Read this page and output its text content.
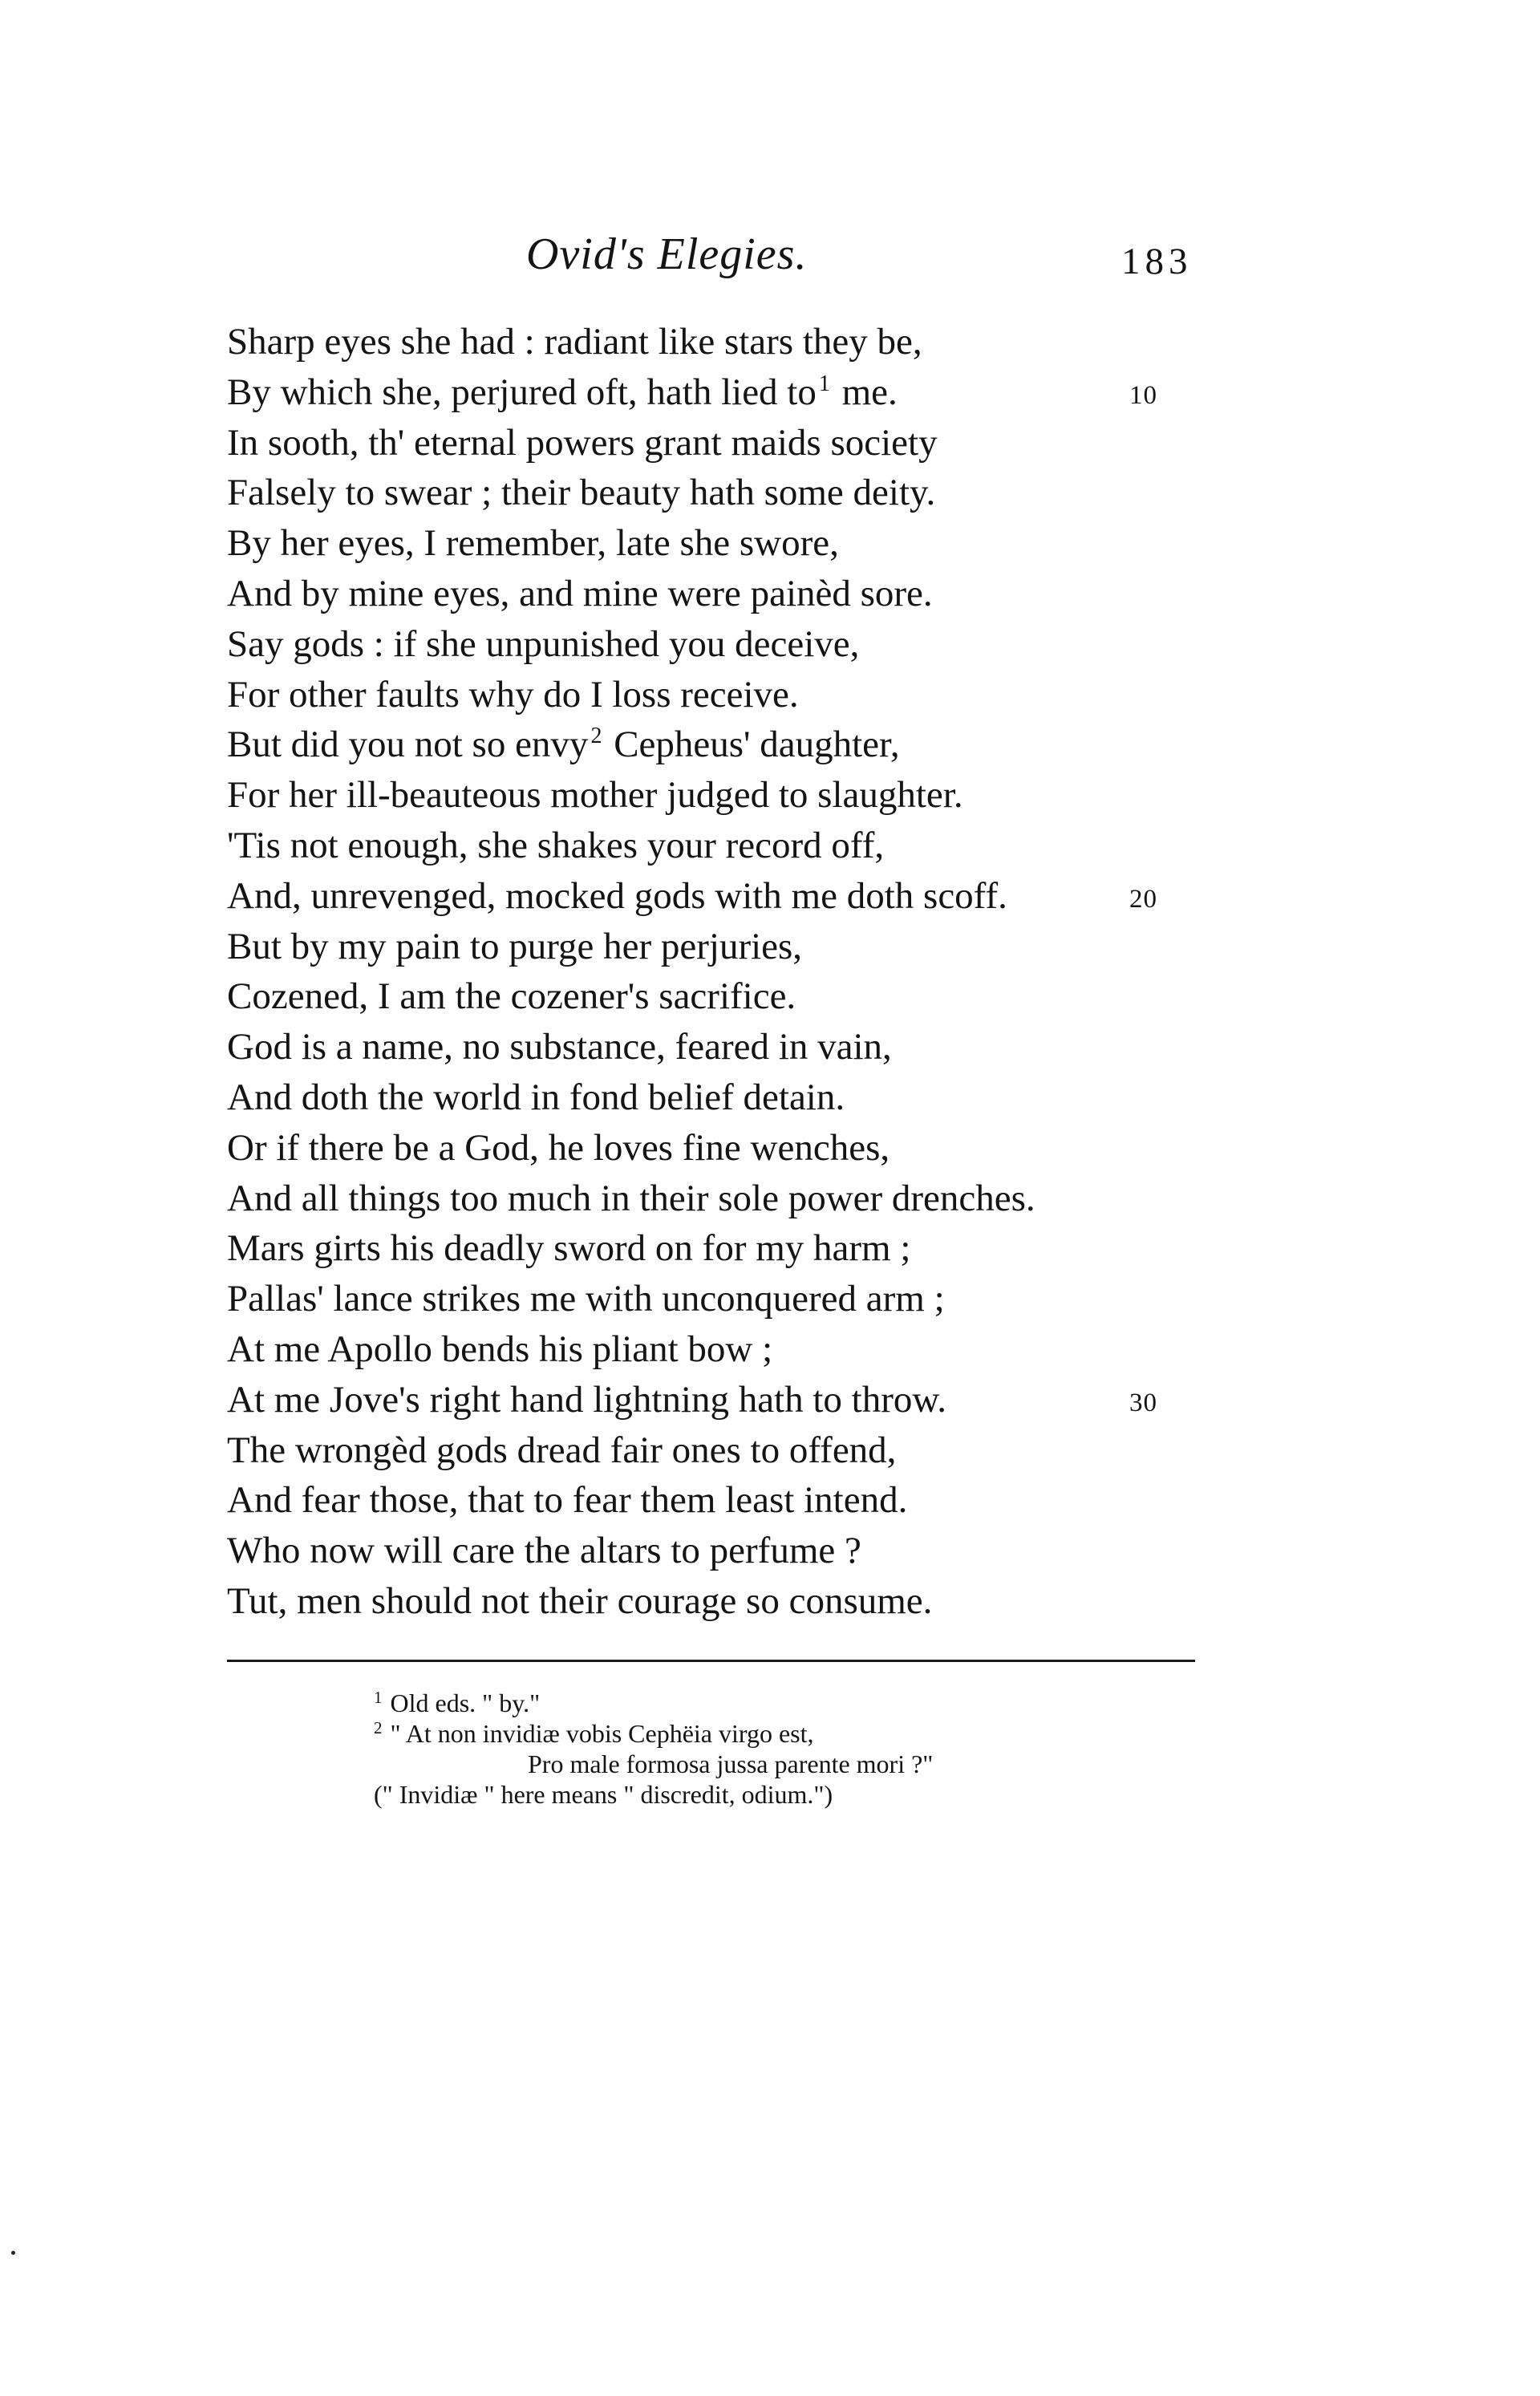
Ovid's Elegies.	183
Sharp eyes she had : radiant like stars they be,
By which she, perjured oft, hath lied to $^1$ me.	10
In sooth, th' eternal powers grant maids society
Falsely to swear ; their beauty hath some deity.
By her eyes, I remember, late she swore,
And by mine eyes, and mine were painèd sore.
Say gods : if she unpunished you deceive,
For other faults why do I loss receive.
But did you not so envy $^2$ Cepheus' daughter,
For her ill-beauteous mother judged to slaughter.
'Tis not enough, she shakes your record off,
And, unrevenged, mocked gods with me doth scoff.	20
But by my pain to purge her perjuries,
Cozened, I am the cozener's sacrifice.
God is a name, no substance, feared in vain,
And doth the world in fond belief detain.
Or if there be a God, he loves fine wenches,
And all things too much in their sole power drenches.
Mars girts his deadly sword on for my harm ;
Pallas' lance strikes me with unconquered arm ;
At me Apollo bends his pliant bow ;
At me Jove's right hand lightning hath to throw.	30
The wrongèd gods dread fair ones to offend,
And fear those, that to fear them least intend.
Who now will care the altars to perfume ?
Tut, men should not their courage so consume.
1 Old eds. " by."
2 " At non invidiæ vobis Cephëia virgo est,
Pro male formosa jussa parente mori ?"
(" Invidiæ " here means " discredit, odium.")
